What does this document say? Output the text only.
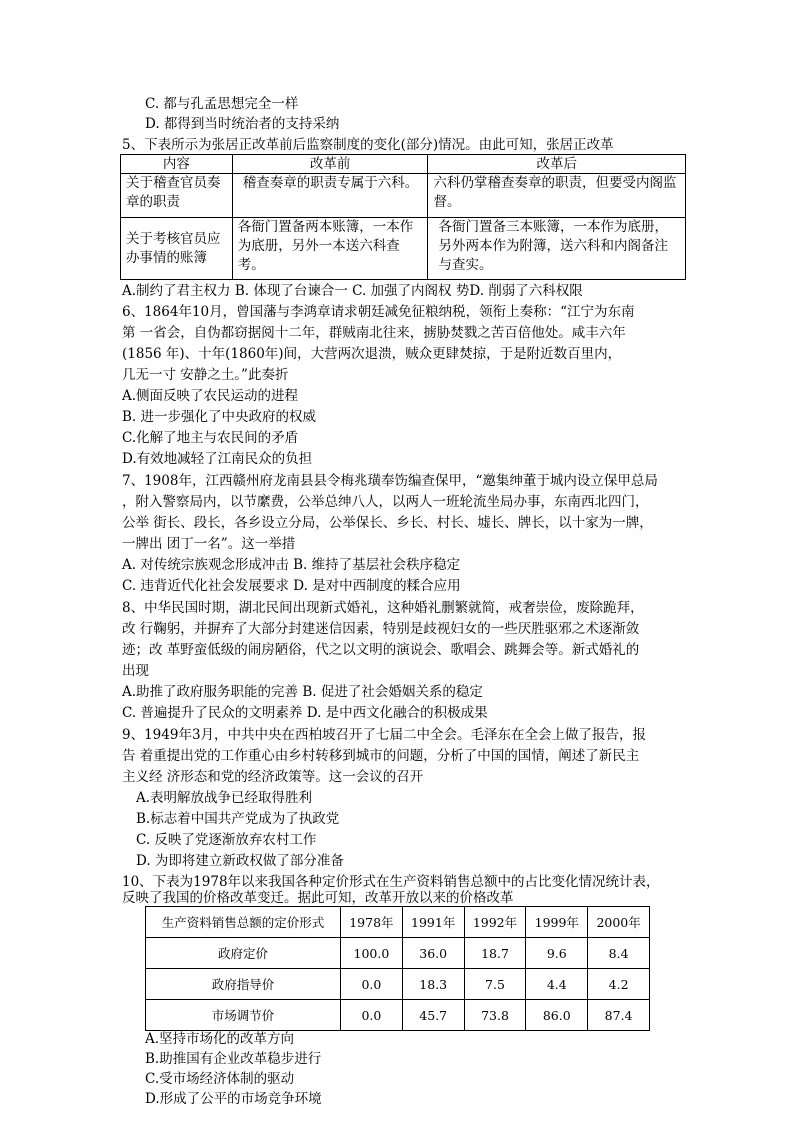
C. 都与孔孟思想完全一样
D. 都得到当时统治者的支持采纳
5、下表所示为张居正改革前后监察制度的变化(部分)情况。由此可知，张居正改革
内容	改革前	改革后
关于稽查官员奏章的职责	稽查奏章的职责专属于六科。	六科仍掌稽查奏章的职责，但要受内阁监督。
关于考核官员应办事情的账簿	各衙门置备两本账簿，一本作为底册，另外一本送六科查考。	各衙门置备三本账簿，一本作为底册，另外两本作为附簿，送六科和内阁备注与查实。
A.制约了君主权力 B. 体现了台谏合一 C. 加强了内阁权 势D. 削弱了六科权限
6、1864年10月，曾国藩与李鸿章请求朝廷减免征粮纳税，领衔上奏称：“江宁为东南
第 一省会，自伪都窃据阅十二年，群贼南北往来，掳胁焚戮之苦百倍他处。咸丰六年
(1856 年)、十年(1860年)间，大营两次退溃，贼众更肆焚掠，于是附近数百里内，
几无一寸 安静之土。”此奏折
A.侧面反映了农民运动的进程
B. 进一步强化了中央政府的权威
C.化解了地主与农民间的矛盾
D.有效地减轻了江南民众的负担
7、1908年，江西赣州府龙南县县令梅兆璜奉饬编查保甲，“邀集绅董于城内设立保甲总局
，附入警察局内，以节縻费，公举总绅八人，以两人一班轮流坐局办事，东南西北四门，
公举 街长、段长，各乡设立分局，公举保长、乡长、村长、墟长、牌长，以十家为一牌，
一牌出 团丁一名”。这一举措
A. 对传统宗族观念形成冲击 B. 维持了基层社会秩序稳定
C. 违背近代化社会发展要求 D. 是对中西制度的糅合应用
8、中华民国时期，湖北民间出现新式婚礼，这种婚礼删繁就简，戒奢崇俭，废除跪拜，
改 行鞠躬，并摒弃了大部分封建迷信因素，特别是歧视妇女的一些厌胜驱邪之术逐渐敛
迹；改 革野蛮低级的闹房陋俗，代之以文明的演说会、歌唱会、跳舞会等。新式婚礼的
出现
A.助推了政府服务职能的完善 B. 促进了社会婚姻关系的稳定
C. 普遍提升了民众的文明素养 D. 是中西文化融合的积极成果
9、1949年3月，中共中央在西柏坡召开了七届二中全会。毛泽东在全会上做了报告，报
告 着重提出党的工作重心由乡村转移到城市的问题，分析了中国的国情，阐述了新民主
主义经 济形态和党的经济政策等。这一会议的召开
A.表明解放战争已经取得胜利
B.标志着中国共产党成为了执政党
C. 反映了党逐渐放弃农村工作
D. 为即将建立新政权做了部分准备
10、下表为1978年以来我国各种定价形式在生产资料销售总额中的占比变化情况统计表，
反映了我国的价格改革变迁。据此可知，改革开放以来的价格改革
生产资料销售总额的定价形式	1978年	1991年	1992年	1999年	2000年
政府定价	100.0	36.0	18.7	9.6	8.4
政府指导价	0.0	18.3	7.5	4.4	4.2
市场调节价	0.0	45.7	73.8	86.0	87.4
A.坚持市场化的改革方向
B.助推国有企业改革稳步进行
C.受市场经济体制的驱动
D.形成了公平的市场竞争环境
